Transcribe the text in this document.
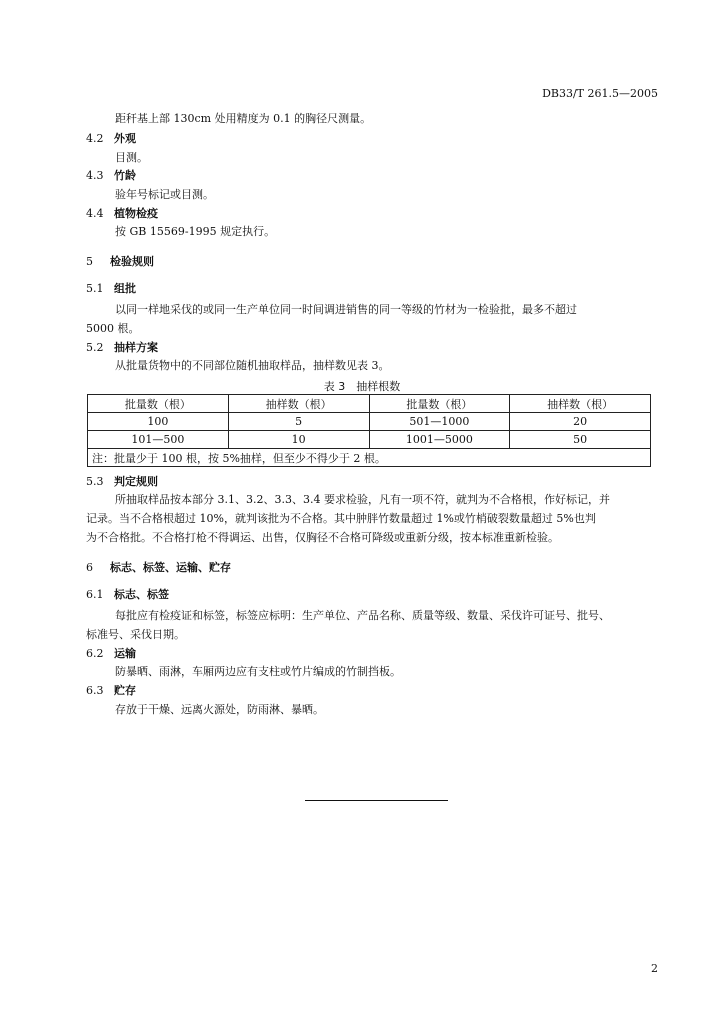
DB33/T 261.5—2005
距秆基上部 130cm 处用精度为 0.1 的胸径尺测量。
4.2 外观
目测。
4.3 竹龄
验年号标记或目测。
4.4 植物检疫
按 GB 15569-1995 规定执行。
5 检验规则
5.1 组批
以同一样地采伐的或同一生产单位同一时间调进销售的同一等级的竹材为一检验批，最多不超过
5000 根。
5.2 抽样方案
从批量货物中的不同部位随机抽取样品，抽样数见表 3。
表 3　抽样根数
批量数（根）	抽样数（根）	批量数（根）	抽样数（根）
100	5	501—1000	20
101—500	10	1001—5000	50
注：批量少于 100 根，按 5%抽样，但至少不得少于 2 根。			
5.3 判定规则
所抽取样品按本部分 3.1、3.2、3.3、3.4 要求检验，凡有一项不符，就判为不合格根，作好标记，并
记录。当不合格根超过 10%，就判该批为不合格。其中肿胖竹数量超过 1%或竹梢破裂数量超过 5%也判
为不合格批。不合格打枪不得调运、出售，仅胸径不合格可降级或重新分级，按本标准重新检验。
6 标志、标签、运输、贮存
6.1 标志、标签
每批应有检疫证和标签，标签应标明：生产单位、产品名称、质量等级、数量、采伐许可证号、批号、
标准号、采伐日期。
6.2 运输
防暴晒、雨淋，车厢两边应有支柱或竹片编成的竹制挡板。
6.3 贮存
存放于干燥、远离火源处，防雨淋、暴晒。
2
